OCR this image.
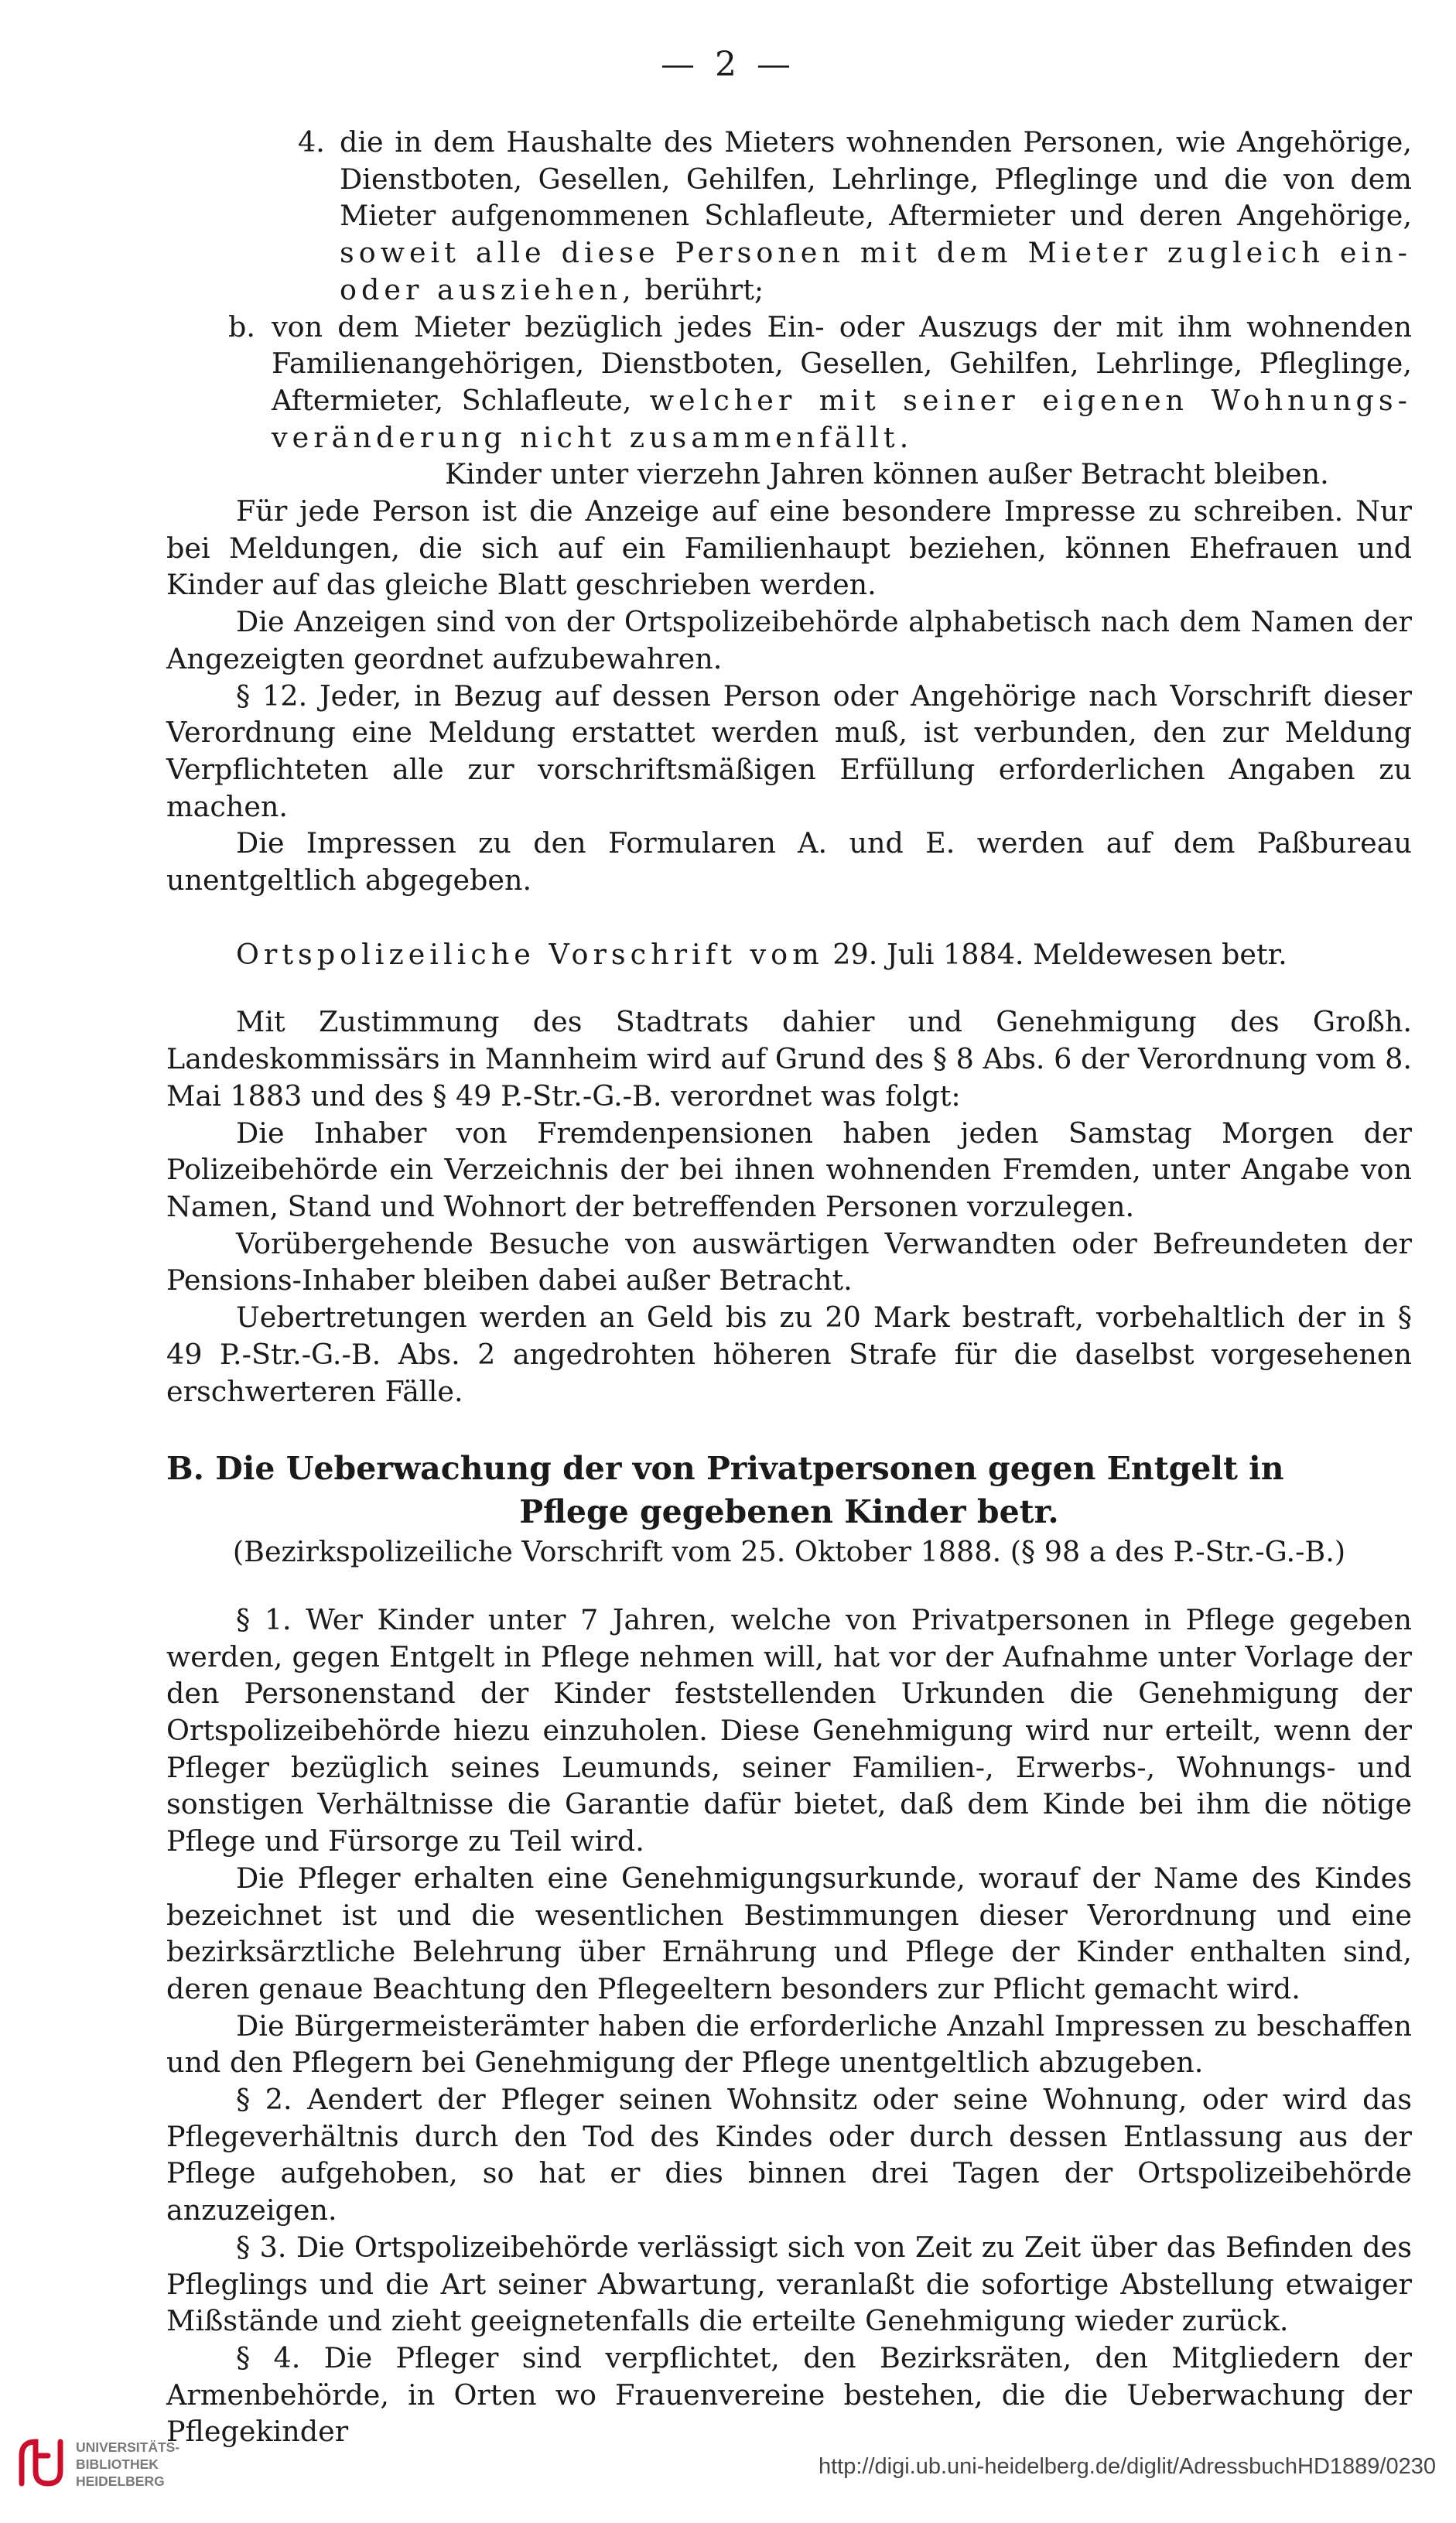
— 2 —
4. die in dem Haushalte des Mieters wohnenden Personen, wie Angehörige, Dienstboten, Gesellen, Gehilfen, Lehrlinge, Pfleglinge und die von dem Mieter aufgenommenen Schlafleute, Aftermieter und deren Angehörige, soweit alle diese Personen mit dem Mieter zugleich ein- oder ausziehen, berührt;
b. von dem Mieter bezüglich jedes Ein- oder Auszugs der mit ihm wohnenden Familienangehörigen, Dienstboten, Gesellen, Gehilfen, Lehrlinge, Pfleglinge, Aftermieter, Schlafleute, welcher mit seiner eigenen Wohnungs- veränderung nicht zusammenfällt.

Kinder unter vierzehn Jahren können außer Betracht bleiben.

Für jede Person ist die Anzeige auf eine besondere Impresse zu schreiben. Nur bei Meldungen, die sich auf ein Familienhaupt beziehen, können Ehefrauen und Kinder auf das gleiche Blatt geschrieben werden.

Die Anzeigen sind von der Ortspolizeibehörde alphabetisch nach dem Namen der Angezeigten geordnet aufzubewahren.

§ 12. Jeder, in Bezug auf dessen Person oder Angehörige nach Vorschrift dieser Verordnung eine Meldung erstattet werden muß, ist verbunden, den zur Meldung Verpflichteten alle zur vorschriftsmäßigen Erfüllung erforderlichen Angaben zu machen.

Die Impressen zu den Formularen A. und E. werden auf dem Paßbureau unentgeltlich abgegeben.

Ortspolizeiliche Vorschrift vom 29. Juli 1884. Meldewesen betr.

Mit Zustimmung des Stadtrats dahier und Genehmigung des Großh. Landeskommissärs in Mannheim wird auf Grund des § 8 Abs. 6 der Verordnung vom 8. Mai 1883 und des § 49 P.-Str.-G.-B. verordnet was folgt:

Die Inhaber von Fremdenpensionen haben jeden Samstag Morgen der Polizeibehörde ein Verzeichnis der bei ihnen wohnenden Fremden, unter Angabe von Namen, Stand und Wohnort der betreffenden Personen vorzulegen.

Vorübergehende Besuche von auswärtigen Verwandten oder Befreundeten der Pensions-Inhaber bleiben dabei außer Betracht.

Uebertretungen werden an Geld bis zu 20 Mark bestraft, vorbehaltlich der in § 49 P.-Str.-G.-B. Abs. 2 angedrohten höheren Strafe für die daselbst vorgesehenen erschwerteren Fälle.

B. Die Ueberwachung der von Privatpersonen gegen Entgelt in
Pflege gegebenen Kinder betr.

(Bezirkspolizeiliche Vorschrift vom 25. Oktober 1888. (§ 98 a des P.-Str.-G.-B.)

§ 1. Wer Kinder unter 7 Jahren, welche von Privatpersonen in Pflege gegeben werden, gegen Entgelt in Pflege nehmen will, hat vor der Aufnahme unter Vorlage der den Personenstand der Kinder feststellenden Urkunden die Genehmigung der Ortspolizeibehörde hiezu einzuholen. Diese Genehmigung wird nur erteilt, wenn der Pfleger bezüglich seines Leumunds, seiner Familien-, Erwerbs-, Wohnungs- und sonstigen Verhältnisse die Garantie dafür bietet, daß dem Kinde bei ihm die nötige Pflege und Fürsorge zu Teil wird.

Die Pfleger erhalten eine Genehmigungsurkunde, worauf der Name des Kindes bezeichnet ist und die wesentlichen Bestimmungen dieser Verordnung und eine bezirksärztliche Belehrung über Ernährung und Pflege der Kinder enthalten sind, deren genaue Beachtung den Pflegeeltern besonders zur Pflicht gemacht wird.

Die Bürgermeisterämter haben die erforderliche Anzahl Impressen zu beschaffen und den Pflegern bei Genehmigung der Pflege unentgeltlich abzugeben.

§ 2. Aendert der Pfleger seinen Wohnsitz oder seine Wohnung, oder wird das Pflegeverhältnis durch den Tod des Kindes oder durch dessen Entlassung aus der Pflege aufgehoben, so hat er dies binnen drei Tagen der Ortspolizeibehörde anzuzeigen.

§ 3. Die Ortspolizeibehörde verlässigt sich von Zeit zu Zeit über das Befinden des Pfleglings und die Art seiner Abwartung, veranlaßt die sofortige Abstellung etwaiger Mißstände und zieht geeignetenfalls die erteilte Genehmigung wieder zurück.

§ 4. Die Pfleger sind verpflichtet, den Bezirksräten, den Mitgliedern der Armenbehörde, in Orten wo Frauenvereine bestehen, die die Ueberwachung der Pflegekinder

UNIVERSITÄTS-
BIBLIOTHEK
HEIDELBERG
http://digi.ub.uni-heidelberg.de/diglit/AdressbuchHD1889/0230
